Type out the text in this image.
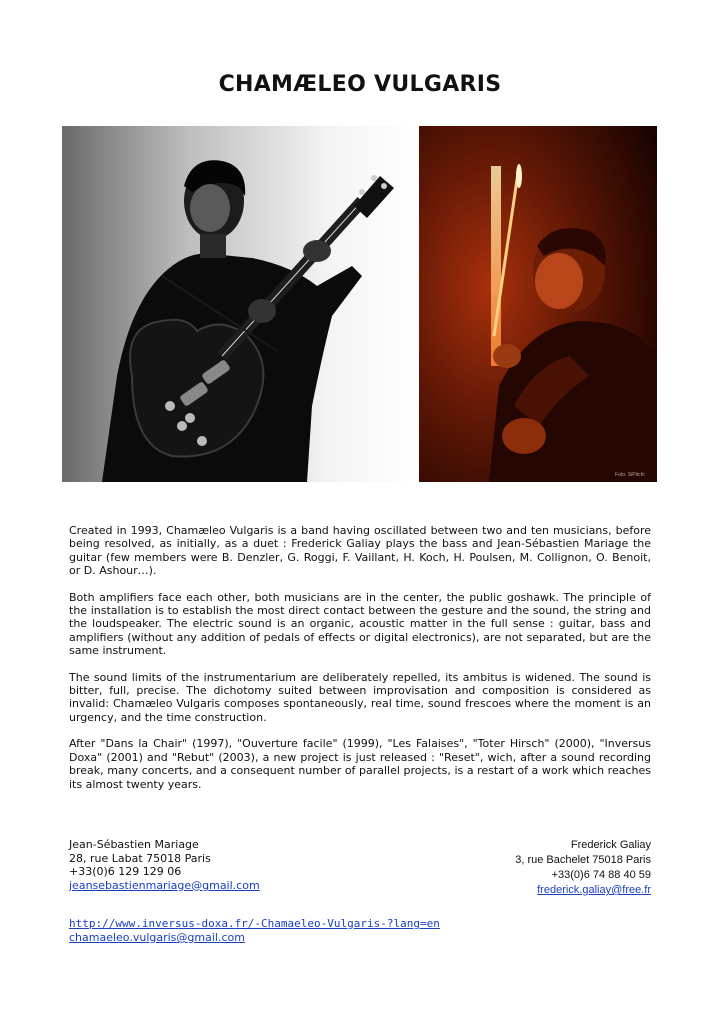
CHAMÆLEO VULGARIS
Foto: SiPitchi

Created in 1993, Chamæleo Vulgaris is a band having oscillated between two and ten musicians, before being resolved, as initially, as a duet : Frederick Galiay plays the bass and Jean-Sébastien Mariage the guitar (few members were B. Denzler, G. Roggi, F. Vaillant, H. Koch, H. Poulsen, M. Collignon, O. Benoit, or D. Ashour…).

Both amplifiers face each other, both musicians are in the center, the public goshawk. The principle of the installation is to establish the most direct contact between the gesture and the sound, the string and the loudspeaker. The electric sound is an organic, acoustic matter in the full sense : guitar, bass and amplifiers (without any addition of pedals of effects or digital electronics), are not separated, but are the same instrument.

The sound limits of the instrumentarium are deliberately repelled, its ambitus is widened. The sound is bitter, full, precise. The dichotomy suited between improvisation and composition is considered as invalid: Chamæleo Vulgaris composes spontaneously, real time, sound frescoes where the moment is an urgency, and the time construction.

After "Dans la Chair" (1997), "Ouverture facile" (1999), "Les Falaises", "Toter Hirsch" (2000), "Inversus Doxa" (2001) and "Rebut" (2003), a new project is just released : "Reset", wich, after a sound recording break, many concerts, and a consequent number of parallel projects, is a restart of a work which reaches its almost twenty years.

Jean-Sébastien Mariage
28, rue Labat 75018 Paris
+33(0)6 129 129 06
jeansebastienmariage@gmail.com
Frederick Galiay
3, rue Bachelet 75018 Paris
+33(0)6 74 88 40 59
frederick.galiay@free.fr
http://www.inversus-doxa.fr/-Chamaeleo-Vulgaris-?lang=en
chamaeleo.vulgaris@gmail.com
